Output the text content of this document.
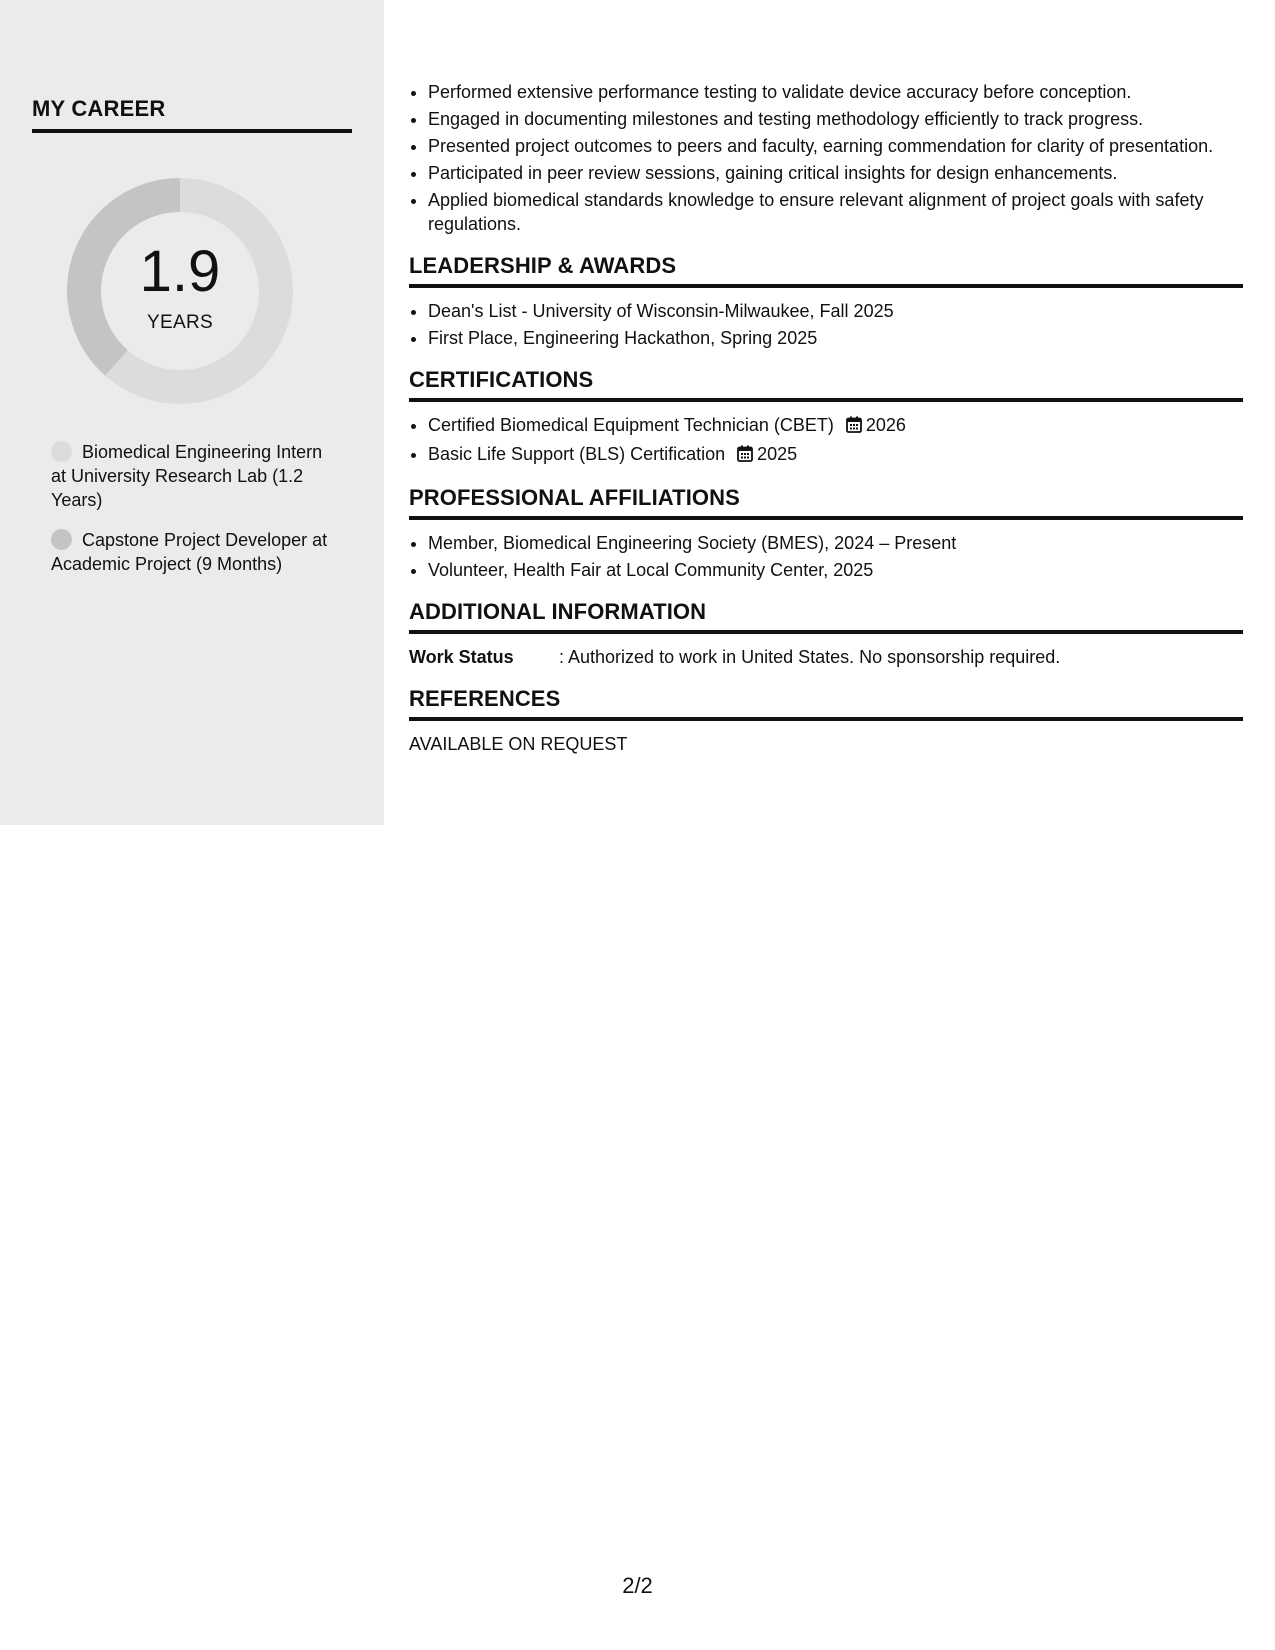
MY CAREER
1.9
YEARS
Biomedical Engineering Intern at University Research Lab (1.2 Years)
Capstone Project Developer at Academic Project (9 Months)
• Performed extensive performance testing to validate device accuracy before conception.
• Engaged in documenting milestones and testing methodology efficiently to track progress.
• Presented project outcomes to peers and faculty, earning commendation for clarity of presentation.
• Participated in peer review sessions, gaining critical insights for design enhancements.
• Applied biomedical standards knowledge to ensure relevant alignment of project goals with safety regulations.
LEADERSHIP & AWARDS
• Dean's List - University of Wisconsin-Milwaukee, Fall 2025
• First Place, Engineering Hackathon, Spring 2025
CERTIFICATIONS
• Certified Biomedical Equipment Technician (CBET) 2026
• Basic Life Support (BLS) Certification 2025
PROFESSIONAL AFFILIATIONS
• Member, Biomedical Engineering Society (BMES), 2024 – Present
• Volunteer, Health Fair at Local Community Center, 2025
ADDITIONAL INFORMATION
Work Status	: Authorized to work in United States. No sponsorship required.
REFERENCES
AVAILABLE ON REQUEST
2/2
